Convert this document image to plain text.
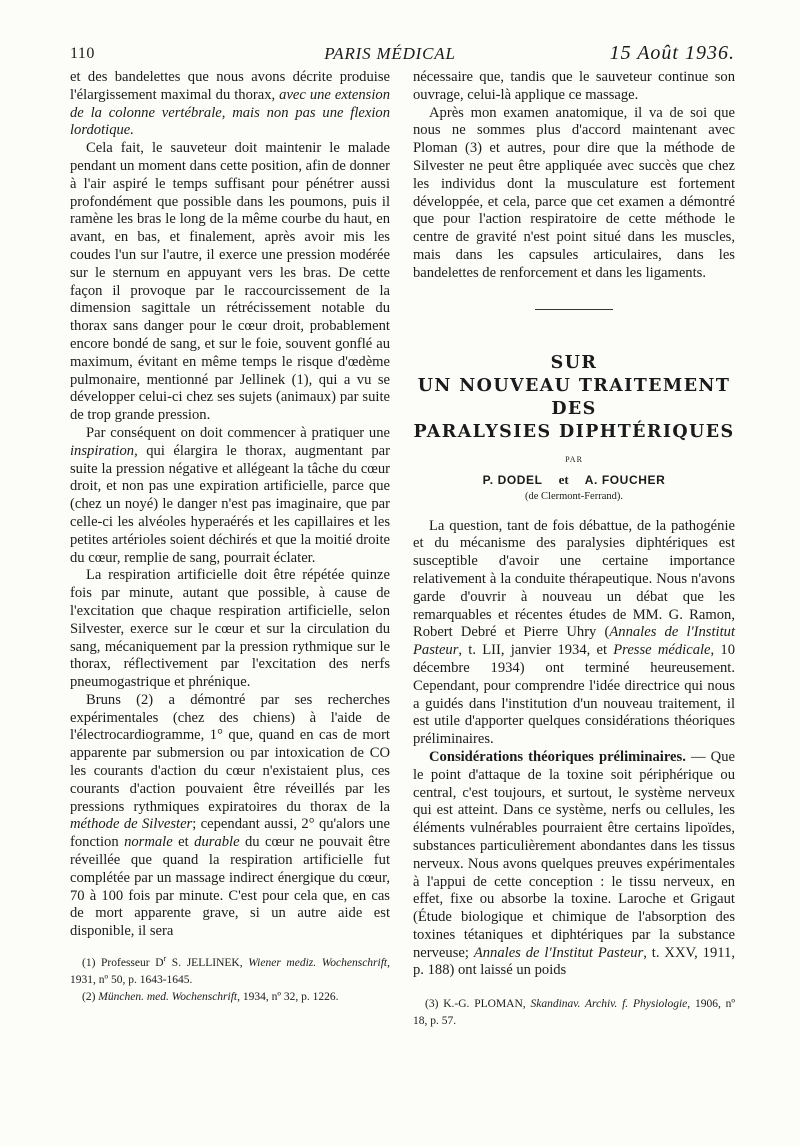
110	PARIS MÉDICAL	15 Août 1936.

et des bandelettes que nous avons décrite produise l'élargissement maximal du thorax, avec une extension de la colonne vertébrale, mais non pas une flexion lordotique.

Cela fait, le sauveteur doit maintenir le malade pendant un moment dans cette position, afin de donner à l'air aspiré le temps suffisant pour pénétrer aussi profondément que possible dans les poumons, puis il ramène les bras le long de la même courbe du haut, en avant, en bas, et finalement, après avoir mis les coudes l'un sur l'autre, il exerce une pression modérée sur le sternum en appuyant vers les bras. De cette façon il provoque par le raccourcissement de la dimension sagittale un rétrécissement notable du thorax sans danger pour le cœur droit, probablement encore bondé de sang, et sur le foie, souvent gonflé au maximum, évitant en même temps le risque d'œdème pulmonaire, mentionné par Jellinek (1), qui a vu se développer celui-ci chez ses sujets (animaux) par suite de trop grande pression.

Par conséquent on doit commencer à pratiquer une inspiration, qui élargira le thorax, augmentant par suite la pression négative et allégeant la tâche du cœur droit, et non pas une expiration artificielle, parce que (chez un noyé) le danger n'est pas imaginaire, que par celle-ci les alvéoles hyperaérés et les capillaires et les petites artérioles soient déchirés et que la moitié droite du cœur, remplie de sang, pourrait éclater.

La respiration artificielle doit être répétée quinze fois par minute, autant que possible, à cause de l'excitation que chaque respiration artificielle, selon Silvester, exerce sur le cœur et sur la circulation du sang, mécaniquement par la pression rythmique sur le thorax, réflectivement par l'excitation des nerfs pneumogastrique et phrénique.

Bruns (2) a démontré par ses recherches expérimentales (chez des chiens) à l'aide de l'électrocardiogramme, 1° que, quand en cas de mort apparente par submersion ou par intoxication de CO les courants d'action du cœur n'existaient plus, ces courants d'action pouvaient être réveillés par les pressions rythmiques expiratoires du thorax de la méthode de Silvester; cependant aussi, 2° qu'alors une fonction normale et durable du cœur ne pouvait être réveillée que quand la respiration artificielle fut complétée par un massage indirect énergique du cœur, 70 à 100 fois par minute. C'est pour cela que, en cas de mort apparente grave, si un autre aide est disponible, il sera

(1) Professeur $D^r$ S. JELLINEK, Wiener mediz. Wochenschrift, 1931, nº 50, p. 1643-1645.
(2) München. med. Wochenschrift, 1934, nº 32, p. 1226.

nécessaire que, tandis que le sauveteur continue son ouvrage, celui-là applique ce massage.

Après mon examen anatomique, il va de soi que nous ne sommes plus d'accord maintenant avec Ploman (3) et autres, pour dire que la méthode de Silvester ne peut être appliquée avec succès que chez les individus dont la musculature est fortement développée, et cela, parce que cet examen a démontré que pour l'action respiratoire de cette méthode le centre de gravité n'est point situé dans les muscles, mais dans les capsules articulaires, dans les bandelettes de renforcement et dans les ligaments.

SUR
UN NOUVEAU TRAITEMENT
DES
PARALYSIES DIPHTÉRIQUES
PAR
P. DODEL et A. FOUCHER
(de Clermont-Ferrand).

La question, tant de fois débattue, de la pathogénie et du mécanisme des paralysies diphtériques est susceptible d'avoir une certaine importance relativement à la conduite thérapeutique. Nous n'avons garde d'ouvrir à nouveau un débat que les remarquables et récentes études de MM. G. Ramon, Robert Debré et Pierre Uhry (Annales de l'Institut Pasteur, t. LII, janvier 1934, et Presse médicale, 10 décembre 1934) ont terminé heureusement. Cependant, pour comprendre l'idée directrice qui nous a guidés dans l'institution d'un nouveau traitement, il est utile d'apporter quelques considérations théoriques préliminaires.

Considérations théoriques préliminaires. — Que le point d'attaque de la toxine soit périphérique ou central, c'est toujours, et surtout, le système nerveux qui est atteint. Dans ce système, nerfs ou cellules, les éléments vulnérables pourraient être certains lipoïdes, substances particulièrement abondantes dans les tissus nerveux. Nous avons quelques preuves expérimentales à l'appui de cette conception : le tissu nerveux, en effet, fixe ou absorbe la toxine. Laroche et Grigaut (Étude biologique et chimique de l'absorption des toxines tétaniques et diphtériques par la substance nerveuse; Annales de l'Institut Pasteur, t. XXV, 1911, p. 188) ont laissé un poids

(3) K.-G. PLOMAN, Skandinav. Archiv. f. Physiologie, 1906, nº 18, p. 57.
